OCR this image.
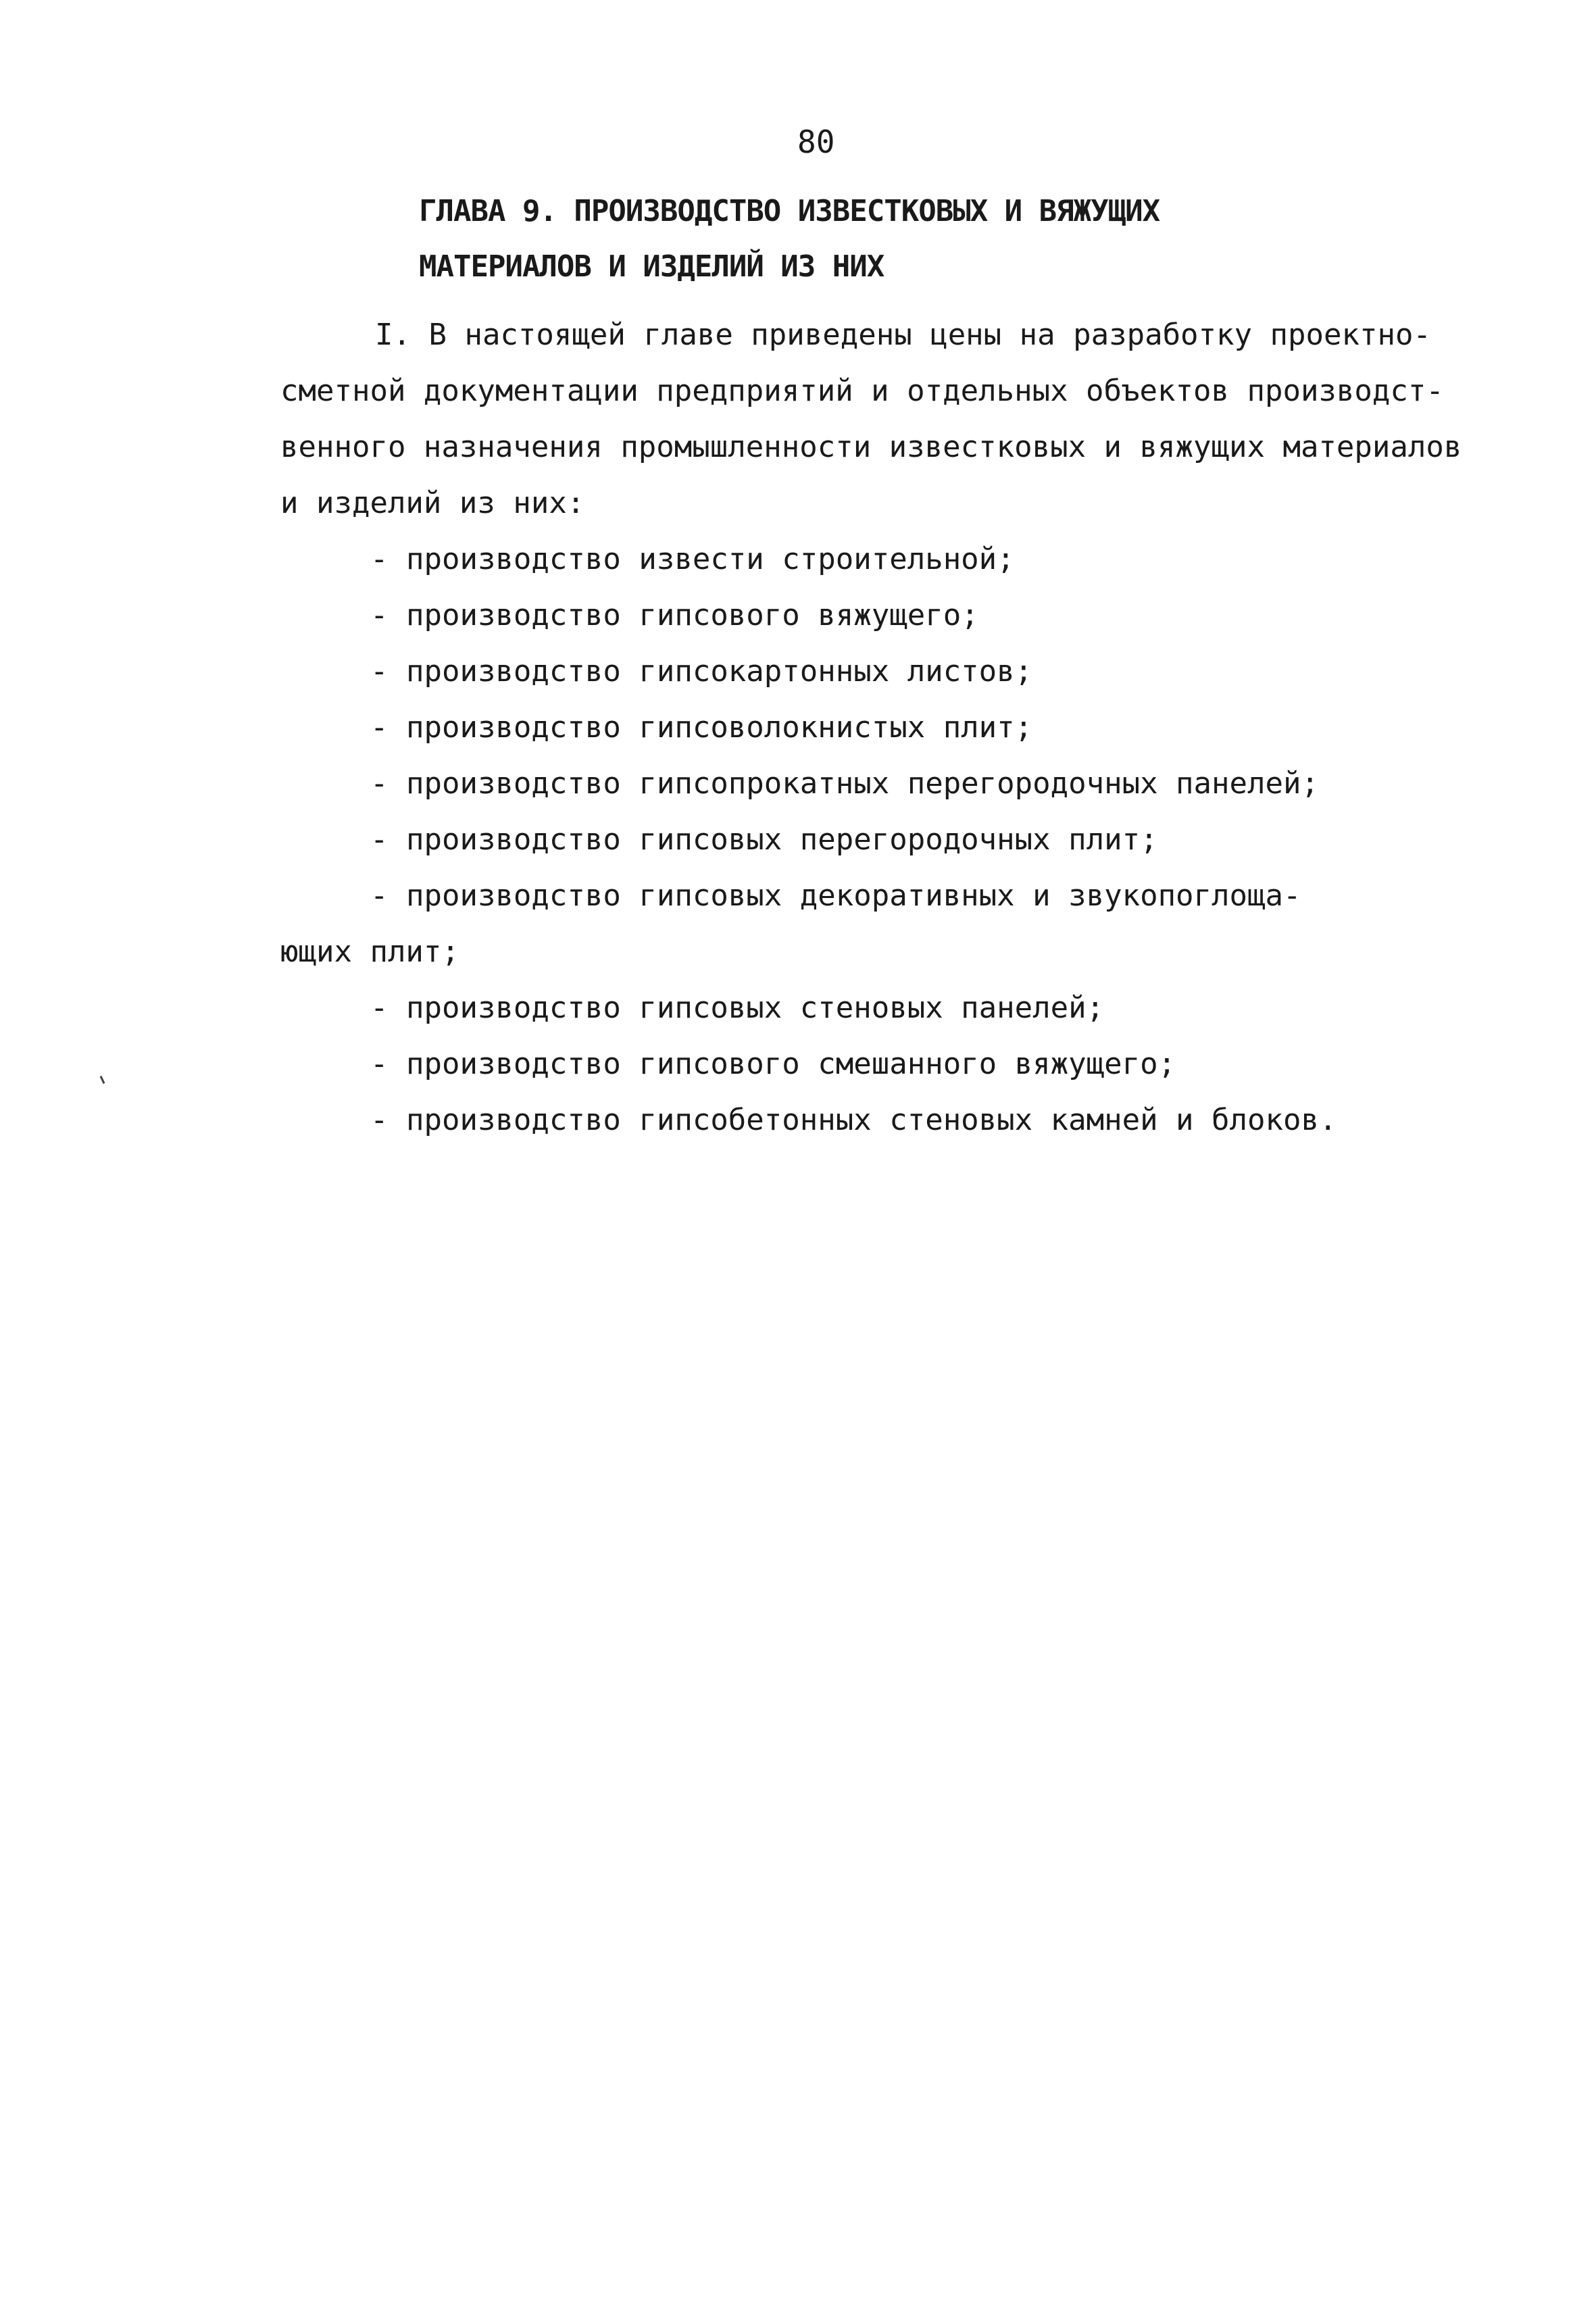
80
ГЛАВА 9. ПРОИЗВОДСТВО ИЗВЕСТКОВЫХ И ВЯЖУЩИХ
МАТЕРИАЛОВ И ИЗДЕЛИЙ ИЗ НИХ
I. В настоящей главе приведены цены на разработку проектно-
сметной документации предприятий и отдельных объектов производст-
венного назначения промышленности известковых и вяжущих материалов
и изделий из них:
- производство извести строительной;
- производство гипсового вяжущего;
- производство гипсокартонных листов;
- производство гипсоволокнистых плит;
- производство гипсопрокатных перегородочных панелей;
- производство гипсовых перегородочных плит;
- производство гипсовых декоративных и звукопоглоща-
ющих плит;
- производство гипсовых стеновых панелей;
- производство гипсового смешанного вяжущего;
- производство гипсобетонных стеновых камней и блоков.
